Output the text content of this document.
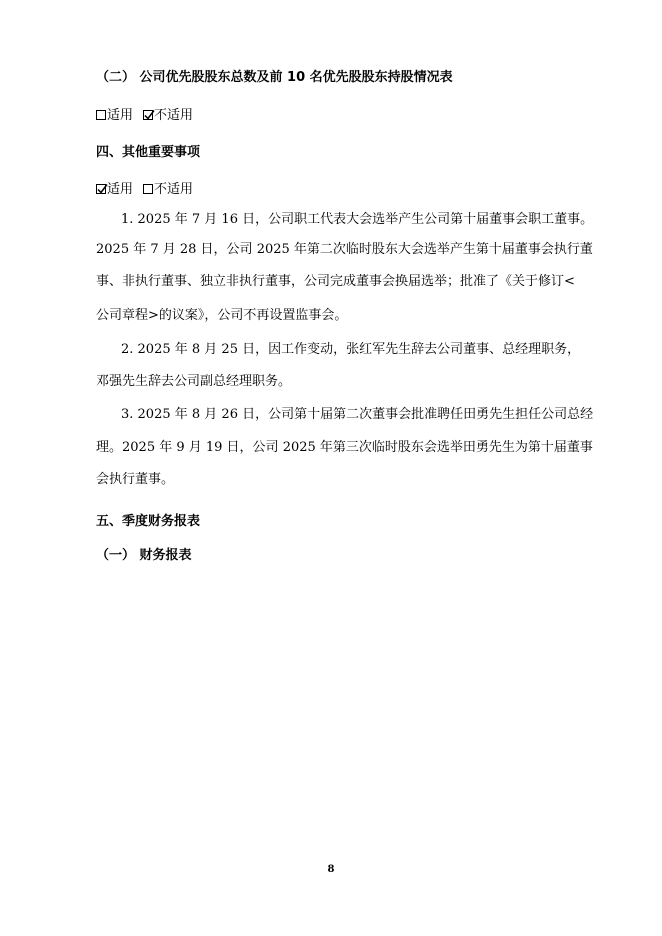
（二） 公司优先股股东总数及前 10 名优先股股东持股情况表
适用 不适用
四、其他重要事项
适用 不适用
1. 2025 年 7 月 16 日，公司职工代表大会选举产生公司第十届董事会职工董事。
2025 年 7 月 28 日，公司 2025 年第二次临时股东大会选举产生第十届董事会执行董
事、非执行董事、独立非执行董事，公司完成董事会换届选举；批准了《关于修订<
公司章程>的议案》，公司不再设置监事会。
2. 2025 年 8 月 25 日，因工作变动，张红军先生辞去公司董事、总经理职务，
邓强先生辞去公司副总经理职务。
3. 2025 年 8 月 26 日，公司第十届第二次董事会批准聘任田勇先生担任公司总经
理。2025 年 9 月 19 日，公司 2025 年第三次临时股东会选举田勇先生为第十届董事
会执行董事。
五、季度财务报表
（一） 财务报表
8
